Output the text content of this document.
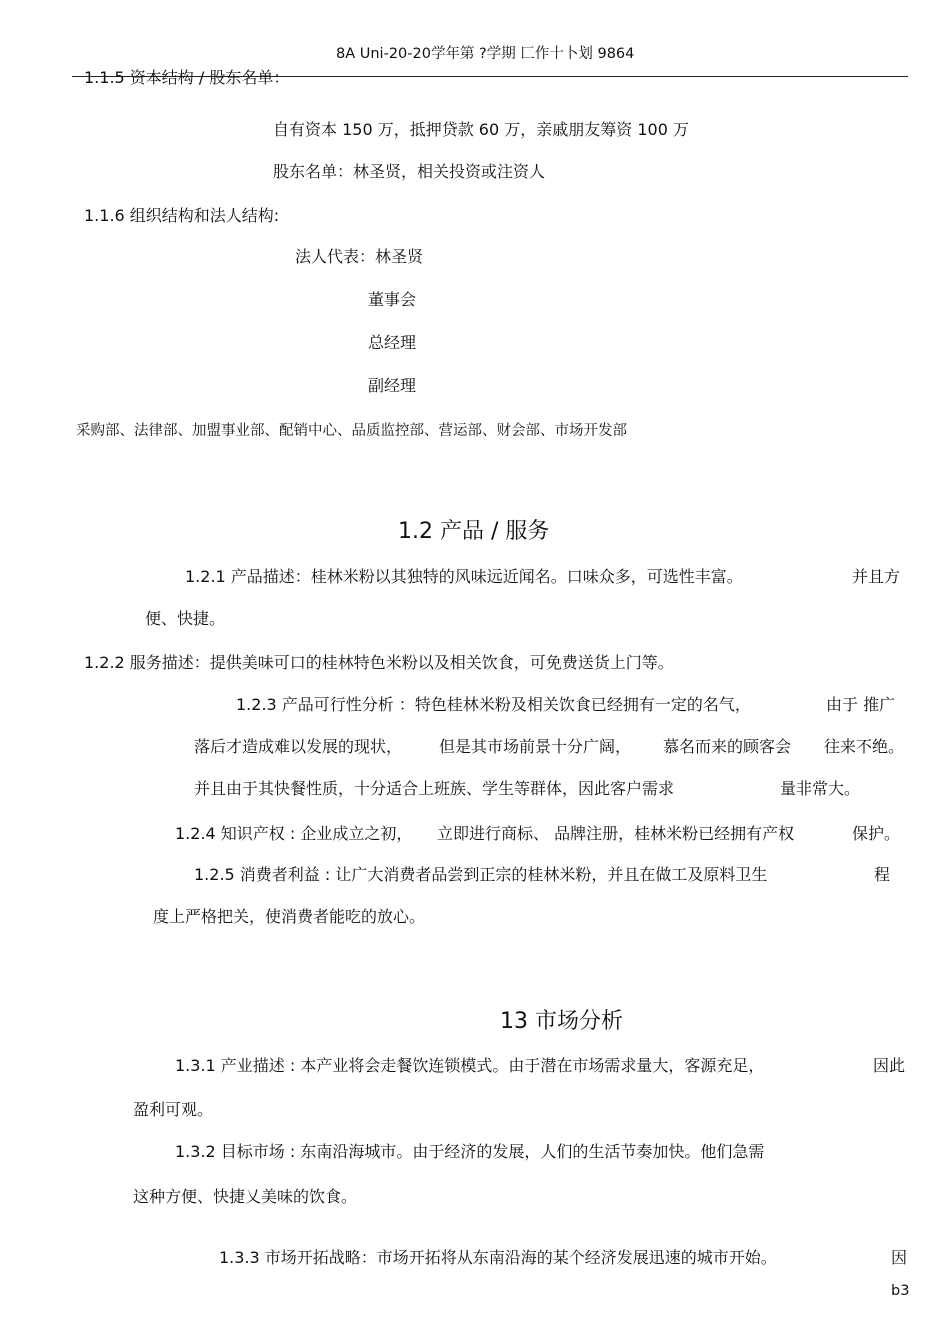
8A Uni-20-20学年第 ?学期 匚作十卜划 9864
1.1.5 资本结构 / 股东名单：
自有资本 150 万，抵押贷款 60 万，亲戚朋友筹资 100 万
股东名单：林圣贤，相关投资或注资人
1.1.6 组织结构和法人结构:
法人代表：林圣贤
董事会
总经理
副经理
采购部、法律部、加盟事业部、配销中心、品质监控部、营运部、财会部、市场开发部
1.2 产品 / 服务
1.2.1 产品描述：桂林米粉以其独特的风味远近闻名。口味众多，可选性丰富。	并且方
便、快捷。
1.2.2 服务描述：提供美味可口的桂林特色米粉以及相关饮食，可免费送货上门等。
1.2.3 产品可行性分析 ：特色桂林米粉及相关饮食已经拥有一定的名气，	由于 推广
落后才造成难以发展的现状， 但是其市场前景十分广阔， 慕名而来的顾客会 往来不绝。
并且由于其快餐性质，十分适合上班族、学生等群体，因此客户需求	量非常大。
1.2.4 知识产权 : 企业成立之初， 立即进行商标、 品牌注册，桂林米粉已经拥有产权	保护。
1.2.5 消费者利益 : 让广大消费者品尝到正宗的桂林米粉，并且在做工及原料卫生	程
度上严格把关，使消费者能吃的放心。
13 市场分析
1.3.1 产业描述 : 本产业将会走餐饮连锁模式。由于潜在市场需求量大，客源充足，	因此
盈利可观。
1.3.2 目标市场 : 东南沿海城市。由于经济的发展，人们的生活节奏加快。他们急需
这种方便、快捷乂美味的饮食。
1.3.3 市场开拓战略：市场开拓将从东南沿海的某个经济发展迅速的城市开始。	因
b3
